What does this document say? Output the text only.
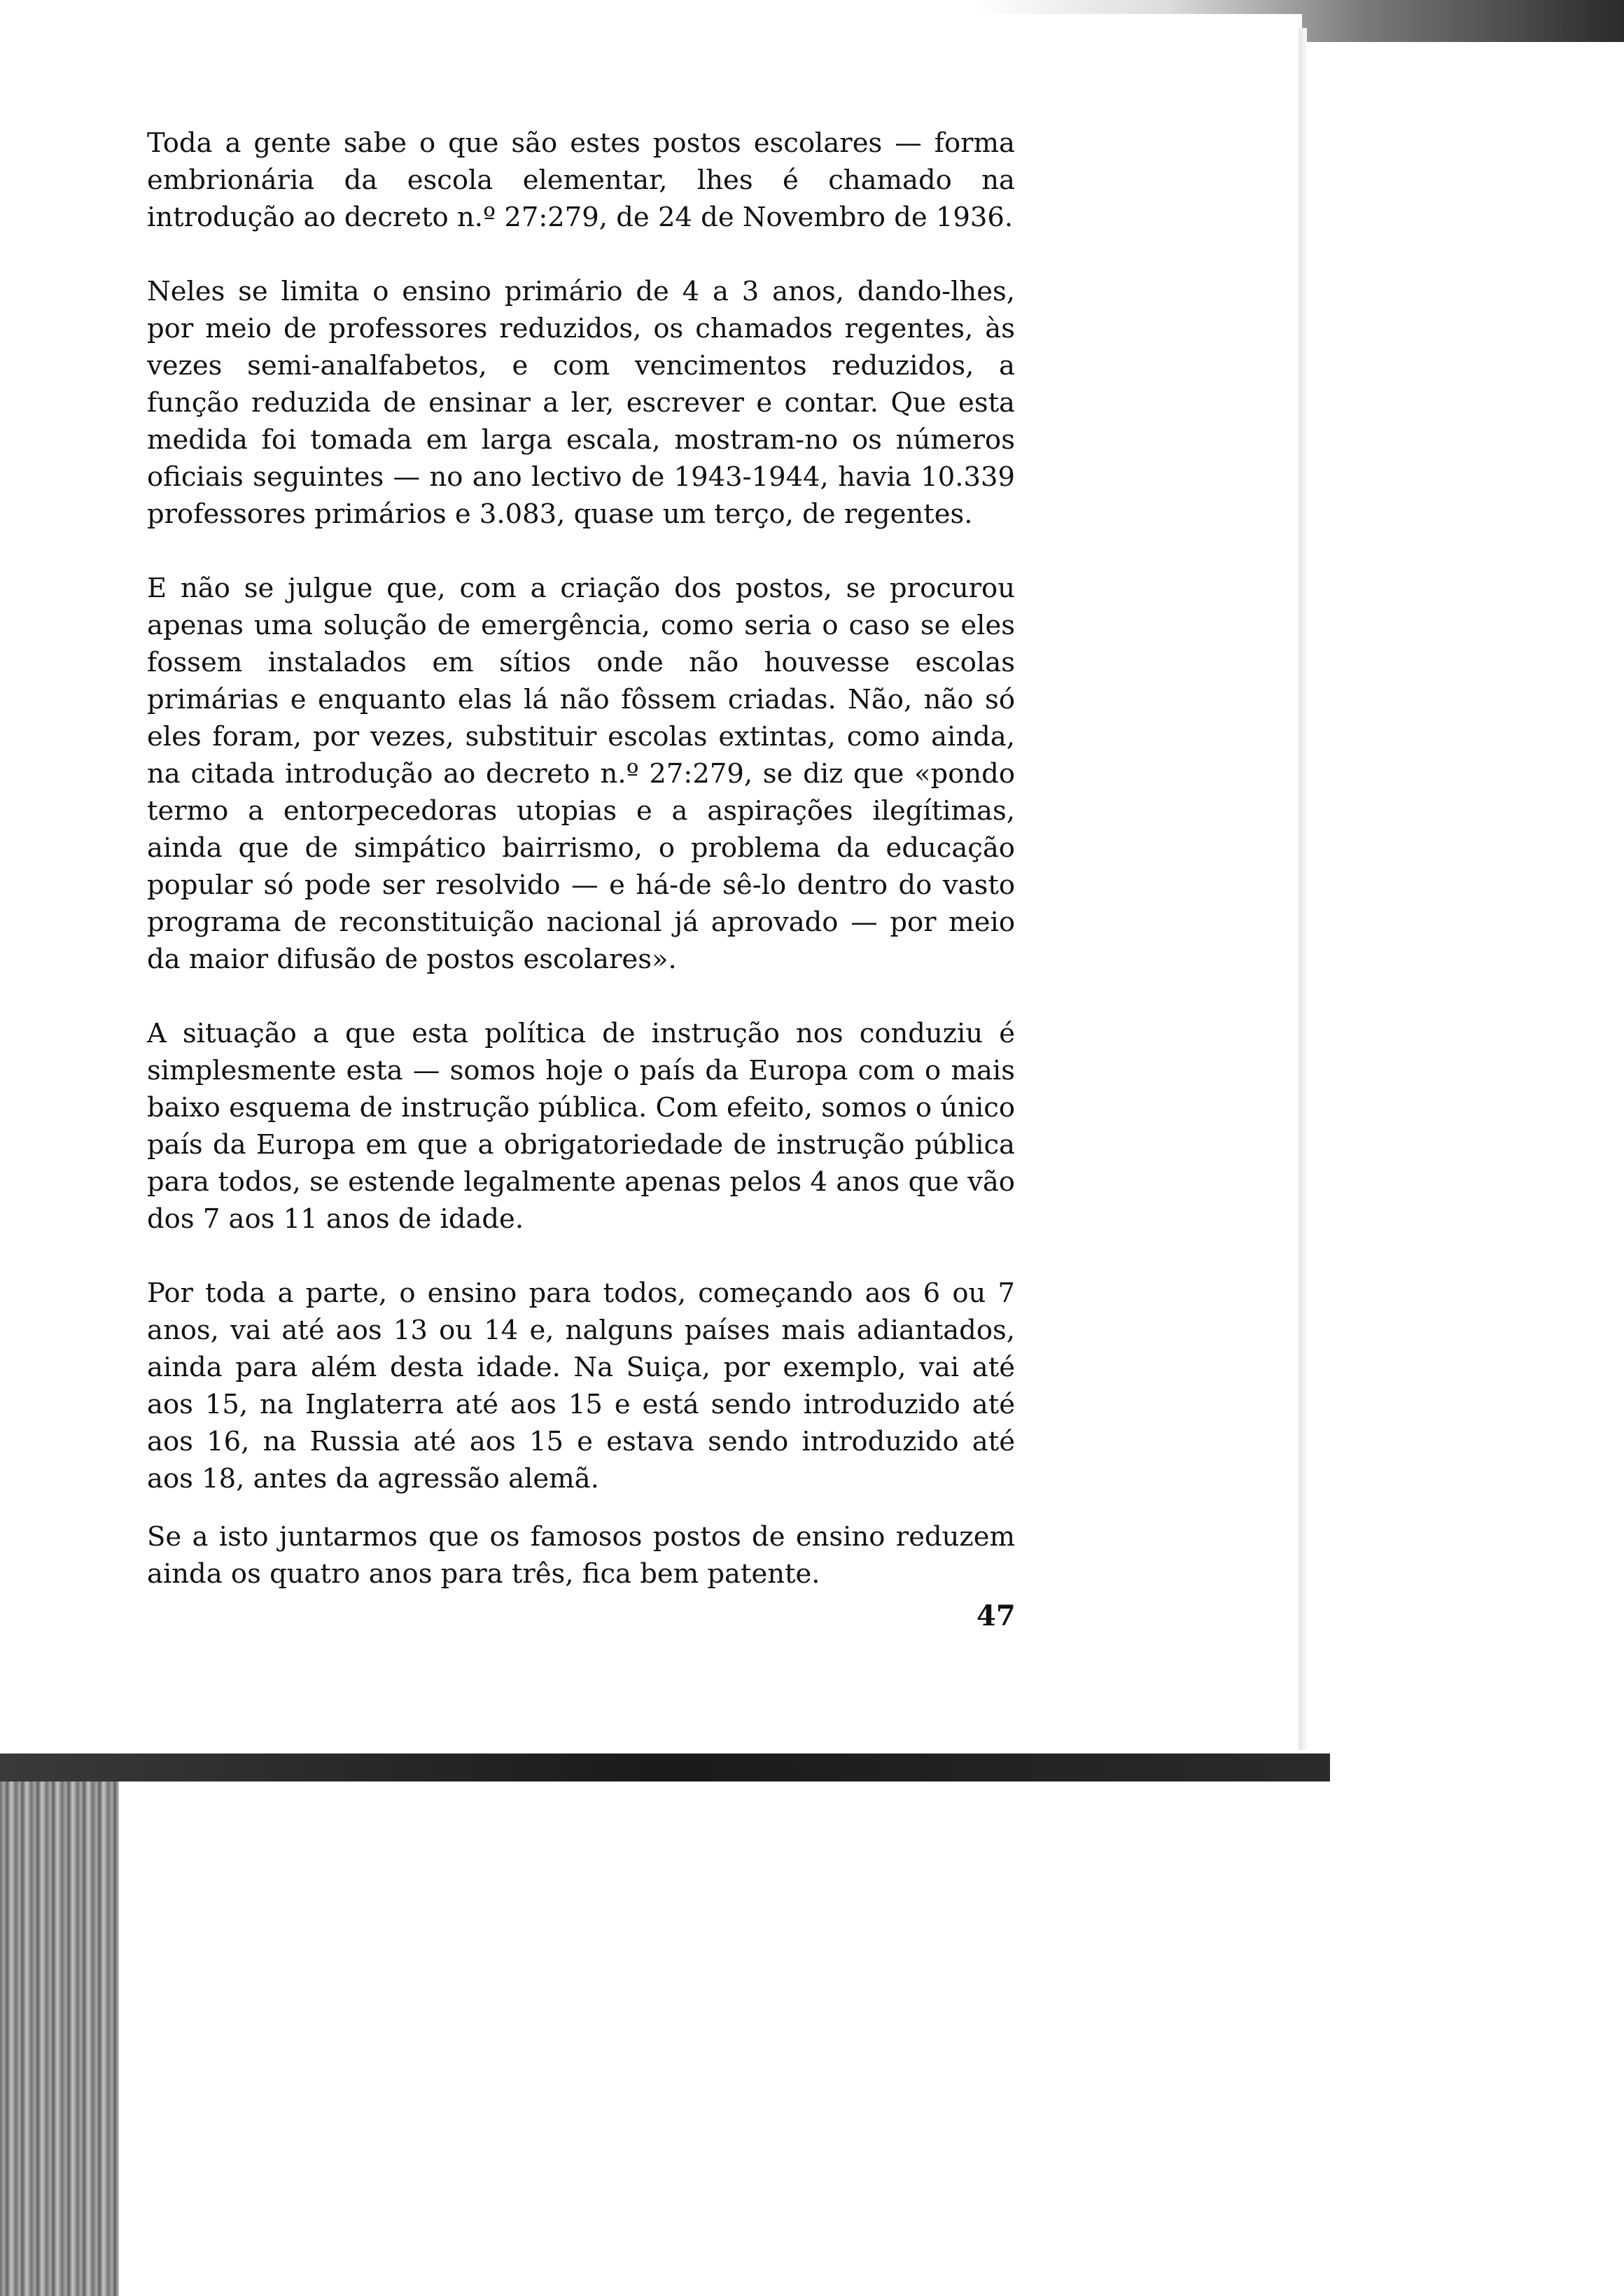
Toda a gente sabe o que são estes postos escolares — forma embrionária da escola elementar, lhes é chamado na introdução ao decreto n.º 27:279, de 24 de Novembro de 1936.

Neles se limita o ensino primário de 4 a 3 anos, dando-lhes, por meio de professores reduzidos, os chamados regentes, às vezes semi-analfabetos, e com vencimentos reduzidos, a função reduzida de ensinar a ler, escrever e contar. Que esta medida foi tomada em larga escala, mostram-no os números oficiais seguintes — no ano lectivo de 1943-1944, havia 10.339 professores primários e 3.083, quase um terço, de regentes.

E não se julgue que, com a criação dos postos, se procurou apenas uma solução de emergência, como seria o caso se eles fossem instalados em sítios onde não houvesse escolas primárias e enquanto elas lá não fôssem criadas. Não, não só eles foram, por vezes, substituir escolas extintas, como ainda, na citada introdução ao decreto n.º 27:279, se diz que «pondo termo a entorpecedoras utopias e a aspirações ilegítimas, ainda que de simpático bairrismo, o problema da educação popular só pode ser resolvido — e há-de sê-lo dentro do vasto programa de reconstituição nacional já aprovado — por meio da maior difusão de postos escolares».

A situação a que esta política de instrução nos conduziu é simplesmente esta — somos hoje o país da Europa com o mais baixo esquema de instrução pública. Com efeito, somos o único país da Europa em que a obrigatoriedade de instrução pública para todos, se estende legalmente apenas pelos 4 anos que vão dos 7 aos 11 anos de idade.

Por toda a parte, o ensino para todos, começando aos 6 ou 7 anos, vai até aos 13 ou 14 e, nalguns países mais adiantados, ainda para além desta idade. Na Suiça, por exemplo, vai até aos 15, na Inglaterra até aos 15 e está sendo introduzido até aos 16, na Russia até aos 15 e estava sendo introduzido até aos 18, antes da agressão alemã.

Se a isto juntarmos que os famosos postos de ensino reduzem ainda os quatro anos para três, fica bem patente.

47
